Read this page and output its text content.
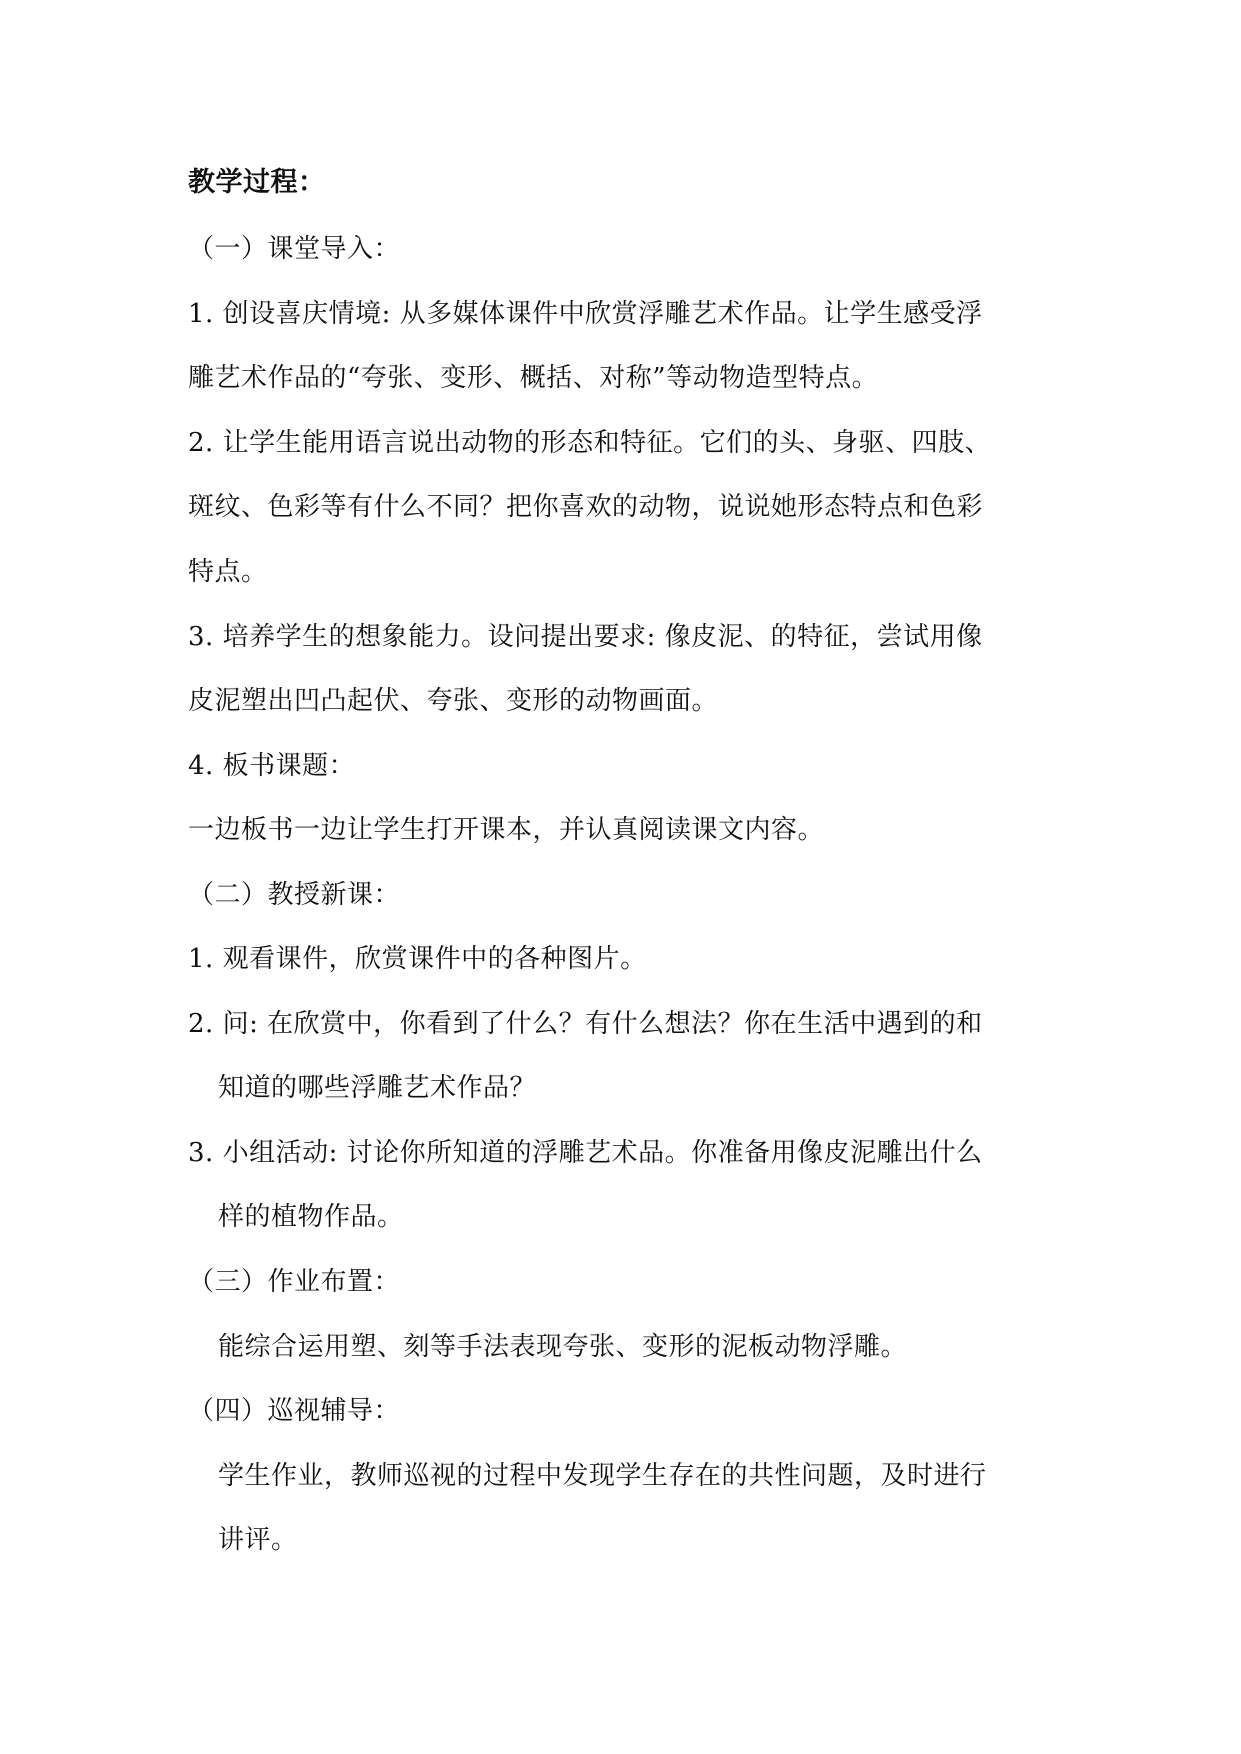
教学过程：
（一）课堂导入：
1. 创设喜庆情境: 从多媒体课件中欣赏浮雕艺术作品。让学生感受浮
雕艺术作品的“夸张、变形、概括、对称”等动物造型特点。
2. 让学生能用语言说出动物的形态和特征。它们的头、身驱、四肢、
斑纹、色彩等有什么不同？把你喜欢的动物，说说她形态特点和色彩
特点。
3. 培养学生的想象能力。设问提出要求: 像皮泥、的特征，尝试用像
皮泥塑出凹凸起伏、夸张、变形的动物画面。
4. 板书课题：
一边板书一边让学生打开课本，并认真阅读课文内容。
（二）教授新课：
1. 观看课件，欣赏课件中的各种图片。
2. 问: 在欣赏中，你看到了什么？有什么想法？你在生活中遇到的和
知道的哪些浮雕艺术作品？
3. 小组活动: 讨论你所知道的浮雕艺术品。你准备用像皮泥雕出什么
样的植物作品。
（三）作业布置：
能综合运用塑、刻等手法表现夸张、变形的泥板动物浮雕。
（四）巡视辅导：
学生作业，教师巡视的过程中发现学生存在的共性问题，及时进行
讲评。
